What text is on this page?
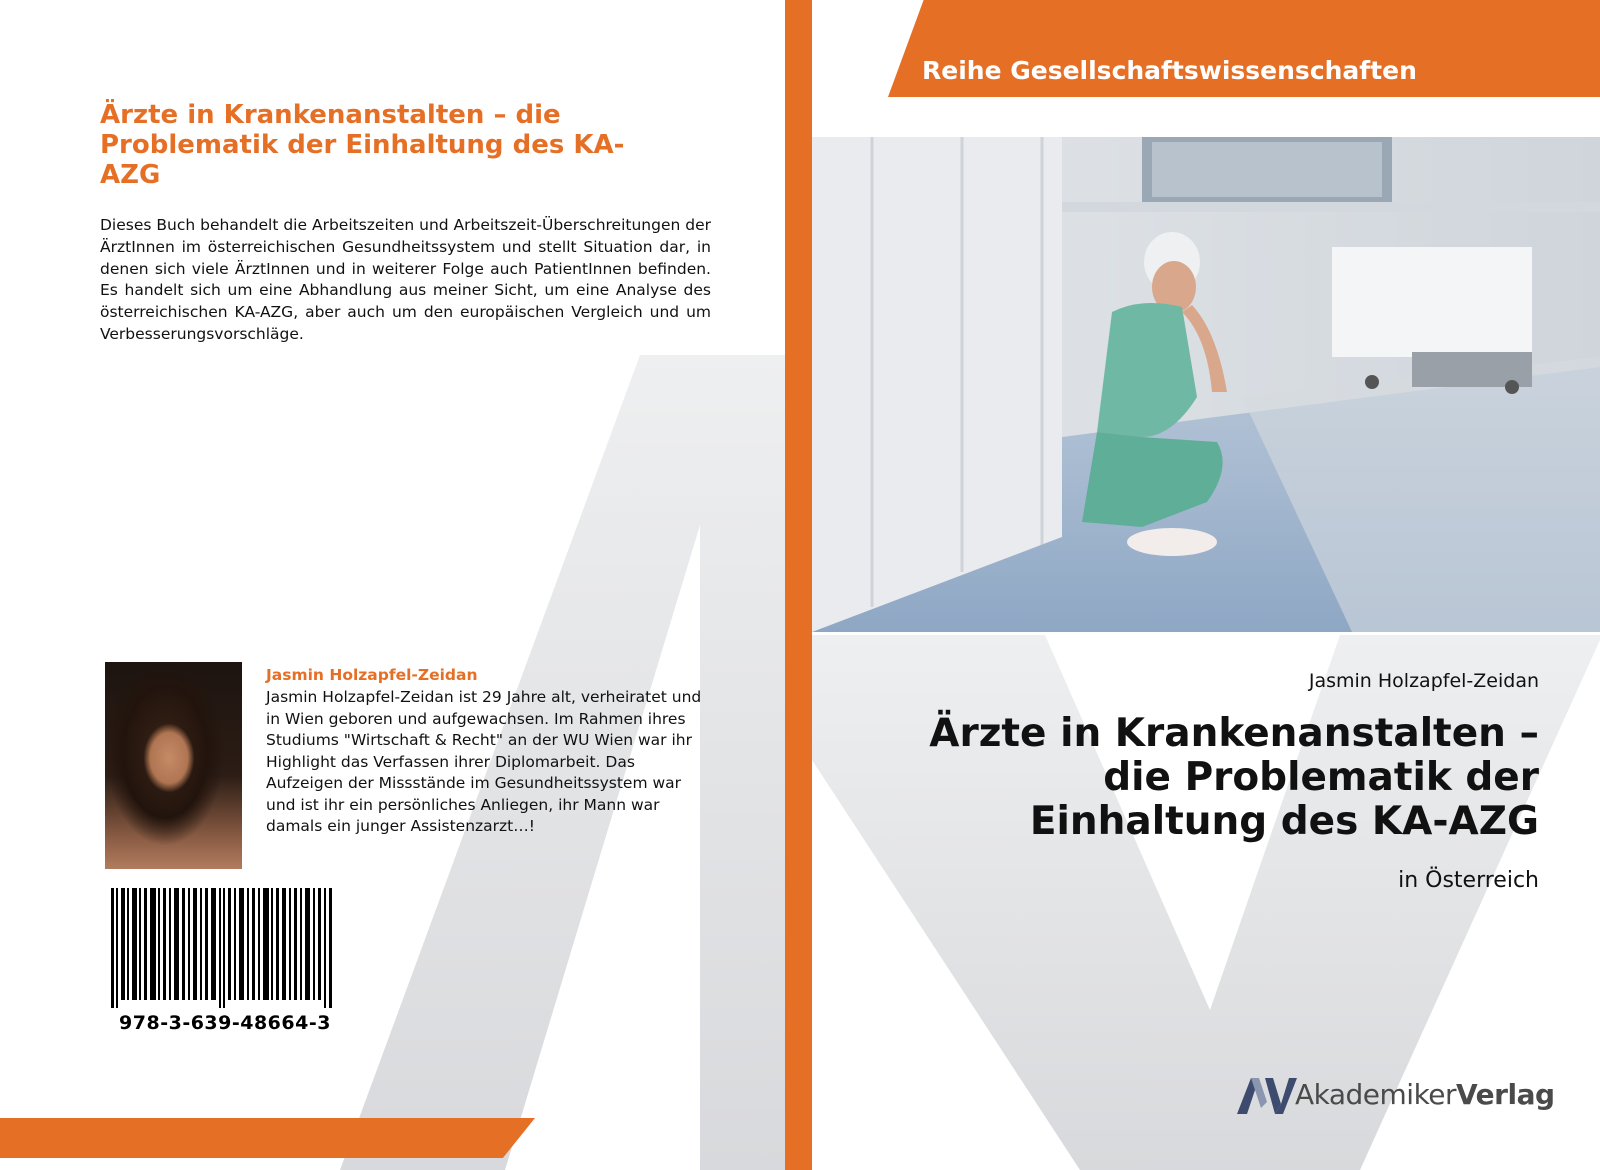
Ärzte in Krankenanstalten – die Problematik der Einhaltung des KA-AZG
Dieses Buch behandelt die Arbeitszeiten und Arbeitszeit-Überschreitungen der ÄrztInnen im österreichischen Gesundheitssystem und stellt Situation dar, in denen sich viele ÄrztInnen und in weiterer Folge auch PatientInnen befinden. Es handelt sich um eine Abhandlung aus meiner Sicht, um eine Analyse des österreichischen KA-AZG, aber auch um den europäischen Vergleich und um Verbesserungsvorschläge.
Jasmin Holzapfel-Zeidan
Jasmin Holzapfel-Zeidan ist 29 Jahre alt, verheiratet und in Wien geboren und aufgewachsen. Im Rahmen ihres Studiums "Wirtschaft & Recht" an der WU Wien war ihr Highlight das Verfassen ihrer Diplomarbeit. Das Aufzeigen der Missstände im Gesundheitssystem war und ist ihr ein persönliches Anliegen, ihr Mann war damals ein junger Assistenzarzt…!
978-3-639-48664-3
Reihe Gesellschaftswissenschaften
Jasmin Holzapfel-Zeidan
Ärzte in Krankenanstalten –
die Problematik der
Einhaltung des KA-AZG
in Österreich
AkademikerVerlag
